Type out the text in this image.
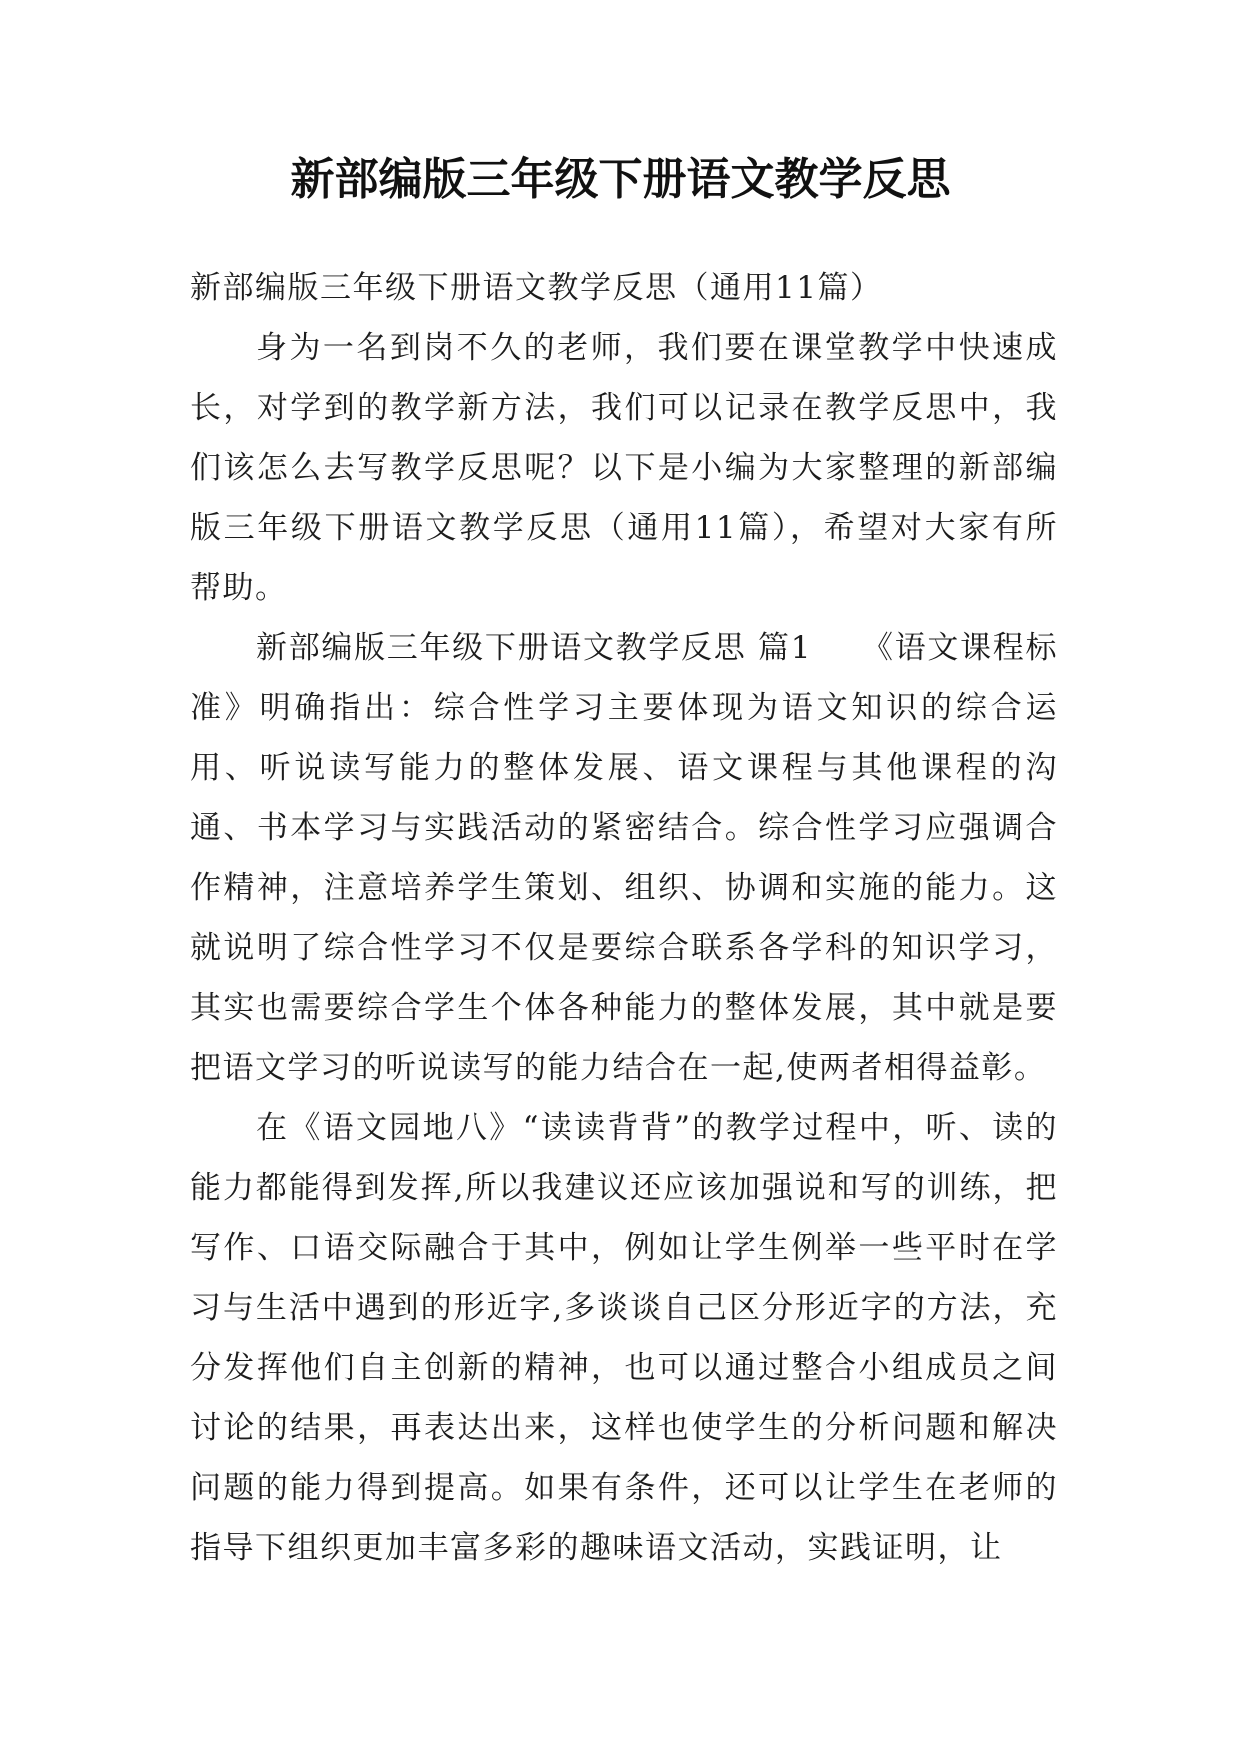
新部编版三年级下册语文教学反思

新部编版三年级下册语文教学反思（通用11篇）

身为一名到岗不久的老师，我们要在课堂教学中快速成长，对学到的教学新方法，我们可以记录在教学反思中，我们该怎么去写教学反思呢？以下是小编为大家整理的新部编版三年级下册语文教学反思（通用11篇），希望对大家有所帮助。

新部编版三年级下册语文教学反思 篇1　　《语文课程标准》明确指出：综合性学习主要体现为语文知识的综合运用、听说读写能力的整体发展、语文课程与其他课程的沟通、书本学习与实践活动的紧密结合。综合性学习应强调合作精神，注意培养学生策划、组织、协调和实施的能力。这就说明了综合性学习不仅是要综合联系各学科的知识学习，其实也需要综合学生个体各种能力的整体发展，其中就是要把语文学习的听说读写的能力结合在一起,使两者相得益彰。

在《语文园地八》“读读背背”的教学过程中，听、读的能力都能得到发挥,所以我建议还应该加强说和写的训练，把写作、口语交际融合于其中，例如让学生例举一些平时在学习与生活中遇到的形近字,多谈谈自己区分形近字的方法，充分发挥他们自主创新的精神，也可以通过整合小组成员之间讨论的结果，再表达出来，这样也使学生的分析问题和解决问题的能力得到提高。如果有条件，还可以让学生在老师的指导下组织更加丰富多彩的趣味语文活动，实践证明，让
